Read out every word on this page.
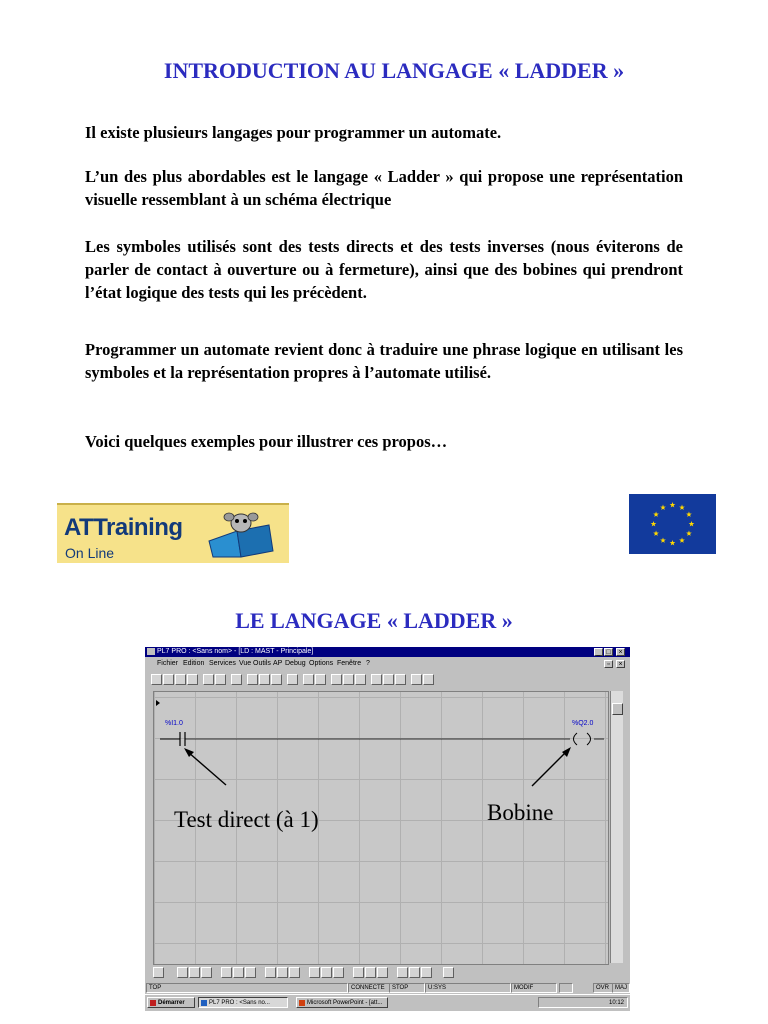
INTRODUCTION AU LANGAGE « LADDER »
Il existe plusieurs langages pour programmer un automate.
L’un des plus abordables est le langage « Ladder » qui propose une représentation visuelle ressemblant à un schéma électrique
Les symboles utilisés sont des tests directs et des tests inverses (nous éviterons de parler de contact à ouverture ou à fermeture), ainsi que des bobines qui prendront l’état logique des tests qui les précèdent.
Programmer un automate revient donc à traduire une phrase logique en utilisant les symboles et la représentation propres à l’automate utilisé.
Voici quelques exemples pour illustrer ces propos…
ATTraining
On Line
LE LANGAGE « LADDER »
PL7 PRO : <Sans nom> - [LD : MAST - Principale]	_ □	×
Fichier Edition Services Vue Outils AP Debug Options Fenêtre ?	▫	×
%I1.0	%Q2.0
Test direct (à 1)	Bobine
TOP	CONNECTE	STOP	U:SYS	MODIF	OVR MAJ
Démarrer	PL7 PRO : <Sans no...	Microsoft PowerPoint - [att...	10:12
